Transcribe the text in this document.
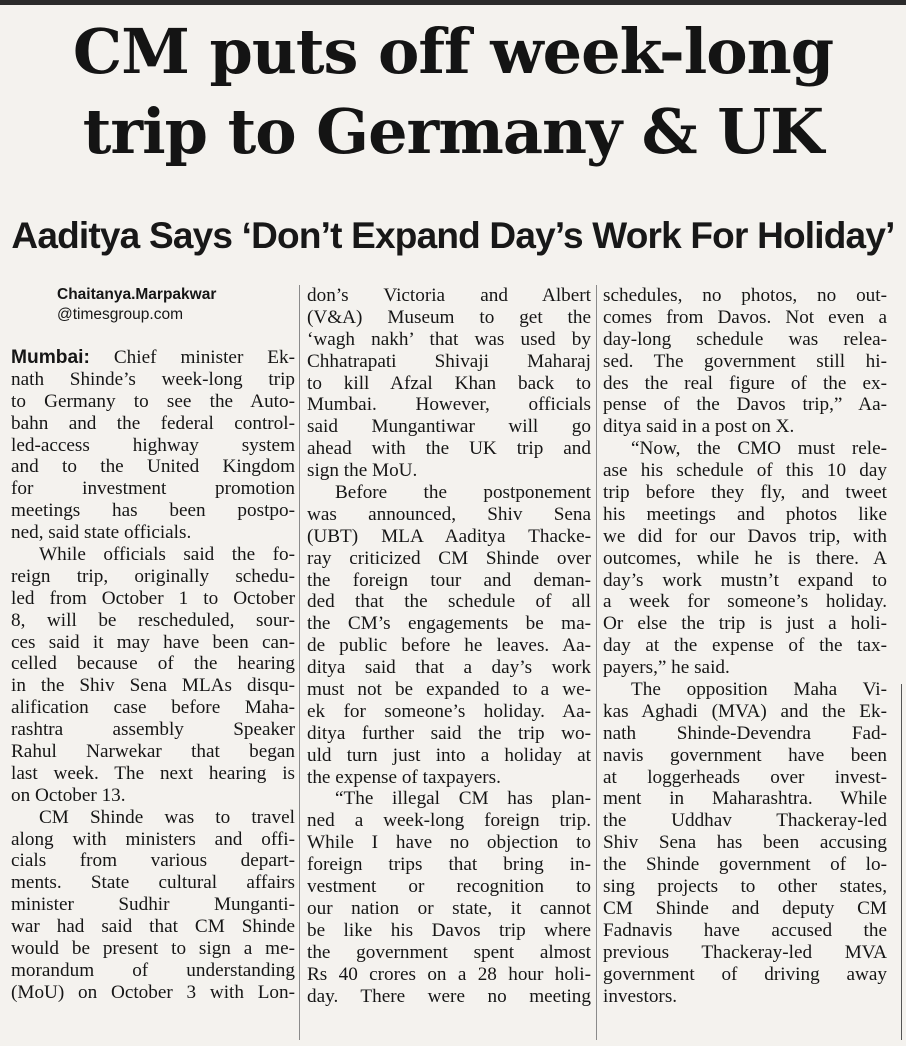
CM puts off week-long
trip to Germany & UK
Aaditya Says ‘Don’t Expand Day’s Work For Holiday’
Chaitanya.Marpakwar
@timesgroup.com
Mumbai: Chief minister Ek-
nath Shinde’s week-long trip
to Germany to see the Auto-
bahn and the federal control-
led-access highway system
and to the United Kingdom
for investment promotion
meetings has been postpo-
ned, said state officials.
While officials said the fo-
reign trip, originally schedu-
led from October 1 to October
8, will be rescheduled, sour-
ces said it may have been can-
celled because of the hearing
in the Shiv Sena MLAs disqu-
alification case before Maha-
rashtra assembly Speaker
Rahul Narwekar that began
last week. The next hearing is
on October 13.
CM Shinde was to travel
along with ministers and offi-
cials from various depart-
ments. State cultural affairs
minister Sudhir Munganti-
war had said that CM Shinde
would be present to sign a me-
morandum of understanding
(MoU) on October 3 with Lon-
don’s Victoria and Albert
(V&A) Museum to get the
‘wagh nakh’ that was used by
Chhatrapati Shivaji Maharaj
to kill Afzal Khan back to
Mumbai. However, officials
said Mungantiwar will go
ahead with the UK trip and
sign the MoU.
Before the postponement
was announced, Shiv Sena
(UBT) MLA Aaditya Thacke-
ray criticized CM Shinde over
the foreign tour and deman-
ded that the schedule of all
the CM’s engagements be ma-
de public before he leaves. Aa-
ditya said that a day’s work
must not be expanded to a we-
ek for someone’s holiday. Aa-
ditya further said the trip wo-
uld turn just into a holiday at
the expense of taxpayers.
“The illegal CM has plan-
ned a week-long foreign trip.
While I have no objection to
foreign trips that bring in-
vestment or recognition to
our nation or state, it cannot
be like his Davos trip where
the government spent almost
Rs 40 crores on a 28 hour holi-
day. There were no meeting
schedules, no photos, no out-
comes from Davos. Not even a
day-long schedule was relea-
sed. The government still hi-
des the real figure of the ex-
pense of the Davos trip,” Aa-
ditya said in a post on X.
“Now, the CMO must rele-
ase his schedule of this 10 day
trip before they fly, and tweet
his meetings and photos like
we did for our Davos trip, with
outcomes, while he is there. A
day’s work mustn’t expand to
a week for someone’s holiday.
Or else the trip is just a holi-
day at the expense of the tax-
payers,” he said.
The opposition Maha Vi-
kas Aghadi (MVA) and the Ek-
nath Shinde-Devendra Fad-
navis government have been
at loggerheads over invest-
ment in Maharashtra. While
the Uddhav Thackeray-led
Shiv Sena has been accusing
the Shinde government of lo-
sing projects to other states,
CM Shinde and deputy CM
Fadnavis have accused the
previous Thackeray-led MVA
government of driving away
investors.
